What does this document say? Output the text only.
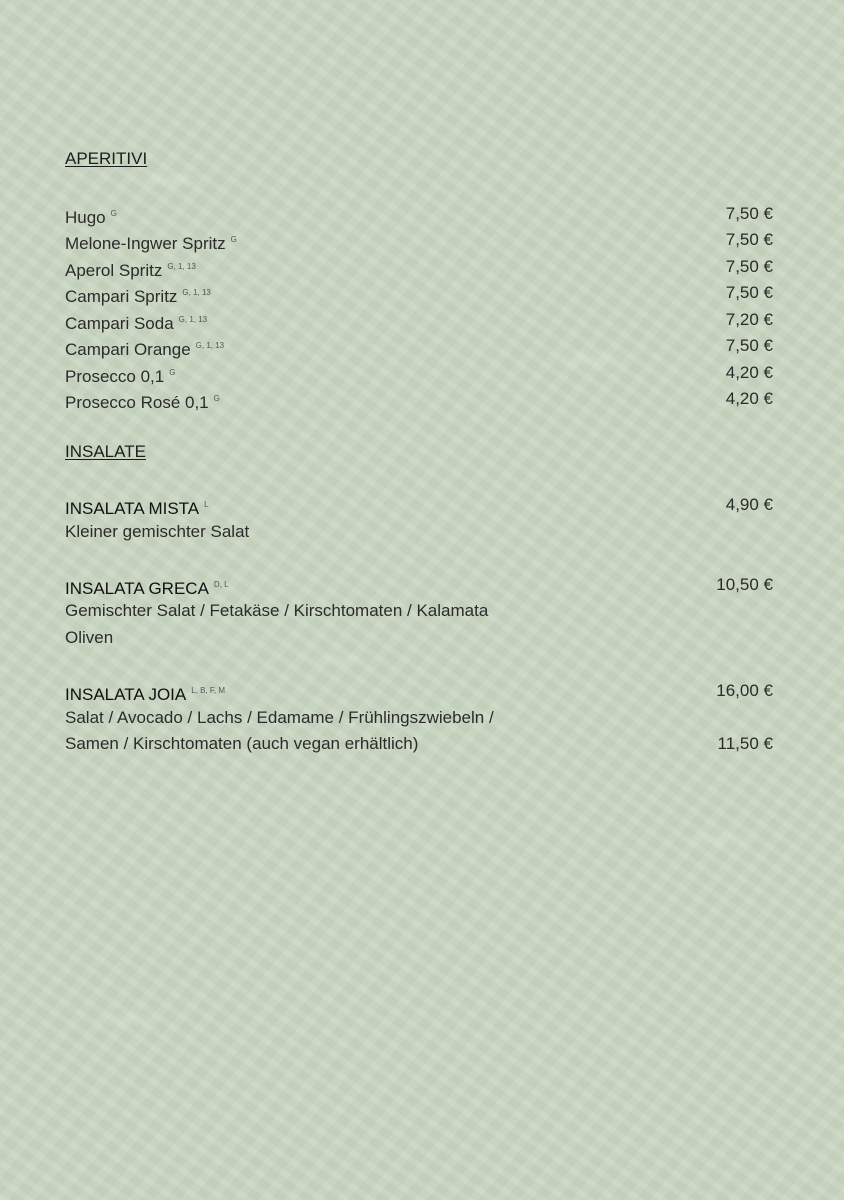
APERITIVI
Hugo $^G$	7,50 €
Melone-Ingwer Spritz $^G$	7,50 €
Aperol Spritz $^{G, 1, 13}$	7,50 €
Campari Spritz $^{G, 1, 13}$	7,50 €
Campari Soda $^{G, 1, 13}$	7,20 €
Campari Orange $^{G, 1, 13}$	7,50 €
Prosecco 0,1 $^G$	4,20 €
Prosecco Rosé 0,1 $^G$	4,20 €
INSALATE
INSALATA MISTA $^L$	4,90 €
Kleiner gemischter Salat
INSALATA GRECA $^{D, L}$	10,50 €
Gemischter Salat / Fetakäse / Kirschtomaten / Kalamata
Oliven
INSALATA JOIA $^{L, B, F, M}$	16,00 €
Salat / Avocado / Lachs / Edamame / Frühlingszwiebeln /
Samen / Kirschtomaten (auch vegan erhältlich)	11,50 €
